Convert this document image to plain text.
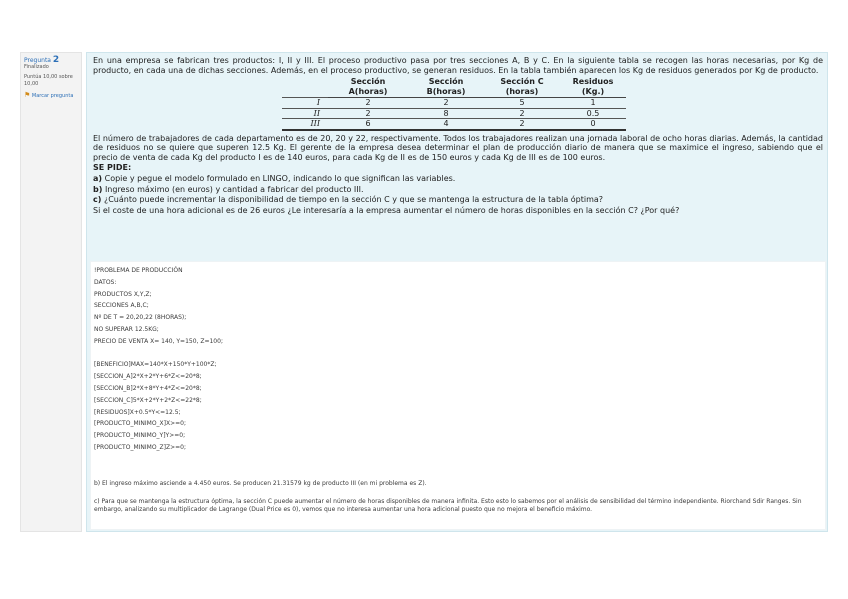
Pregunta 2
Finalizado
Puntúa 10,00 sobre 10,00
⚑ Marcar pregunta

En una empresa se fabrican tres productos: I, II y III. El proceso productivo pasa por tres secciones A, B y C. En la siguiente tabla se recogen las horas necesarias, por Kg de producto, en cada una de dichas secciones. Además, en el proceso productivo, se generan residuos. En la tabla también aparecen los Kg de residuos generados por Kg de producto.

	Sección A(horas)	Sección B(horas)	Sección C (horas)	Residuos (Kg.)
I	2	2	5	1
II	2	8	2	0.5
III	6	4	2	0

El número de trabajadores de cada departamento es de 20, 20 y 22, respectivamente. Todos los trabajadores realizan una jornada laboral de ocho horas diarias. Además, la cantidad de residuos no se quiere que superen 12.5 Kg. El gerente de la empresa desea determinar el plan de producción diario de manera que se maximice el ingreso, sabiendo que el precio de venta de cada Kg del producto I es de 140 euros, para cada Kg de II es de 150 euros y cada Kg de III es de 100 euros.

SE PIDE:

a) Copie y pegue el modelo formulado en LINGO, indicando lo que significan las variables.

b) Ingreso máximo (en euros) y cantidad a fabricar del producto III.

c) ¿Cuánto puede incrementar la disponibilidad de tiempo en la sección C y que se mantenga la estructura de la tabla óptima?

Si el coste de una hora adicional es de 26 euros ¿Le interesaría a la empresa aumentar el número de horas disponibles en la sección C? ¿Por qué?

!PROBLEMA DE PRODUCCIÓN
DATOS:
PRODUCTOS X,Y,Z;
SECCIONES A,B,C;
Nº DE T = 20,20,22 (8HORAS);
NO SUPERAR 12.5KG;
PRECIO DE VENTA X= 140, Y=150, Z=100;

[BENEFICIO]MAX=140*X+150*Y+100*Z;
[SECCION_A]2*X+2*Y+6*Z<=20*8;
[SECCION_B]2*X+8*Y+4*Z<=20*8;
[SECCION_C]5*X+2*Y+2*Z<=22*8;
[RESIDUOS]X+0.5*Y<=12.5;
[PRODUCTO_MINIMO_X]X>=0;
[PRODUCTO_MINIMO_Y]Y>=0;
[PRODUCTO_MINIMO_Z]Z>=0;
b) El ingreso máximo asciende a 4.450 euros. Se producen 21.31579 kg de producto III (en mi problema es Z).
c) Para que se mantenga la estructura óptima, la sección C puede aumentar el número de horas disponibles de manera infinita. Esto esto lo sabemos por el análisis de sensibilidad del término independiente. Riorchand Sdir Ranges. Sin embargo, analizando su multiplicador de Lagrange (Dual Price es 0), vemos que no interesa aumentar una hora adicional puesto que no mejora el beneficio máximo.
